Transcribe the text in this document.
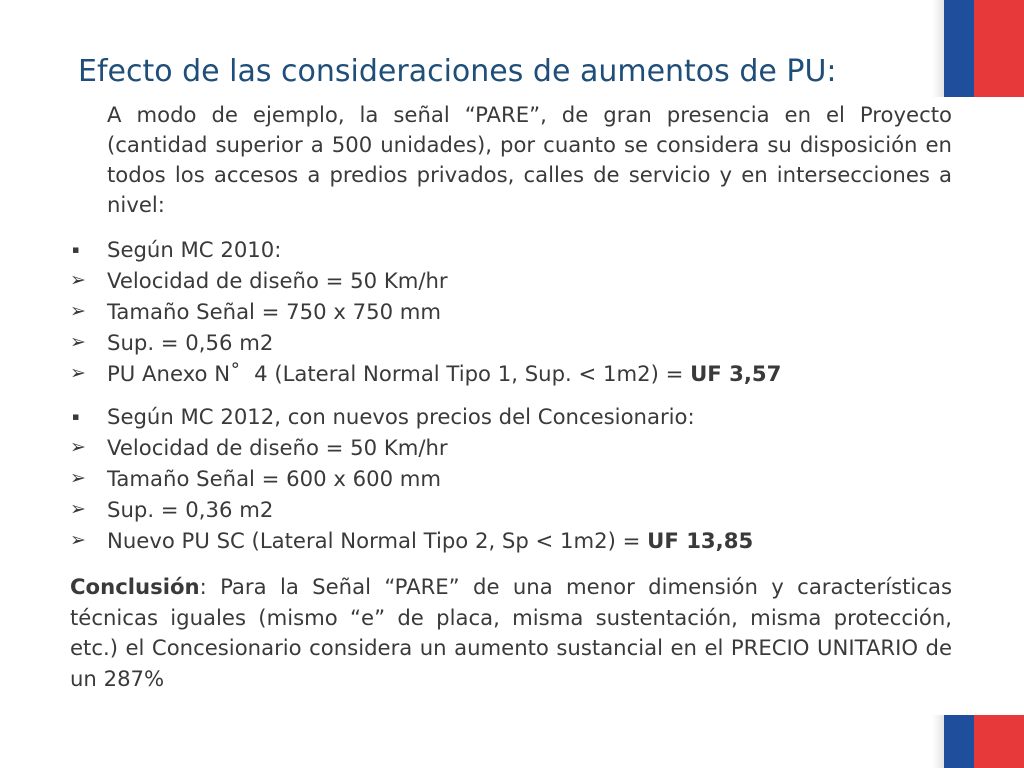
Efecto de las consideraciones de aumentos de PU:

A modo de ejemplo, la señal “PARE”, de gran presencia en el Proyecto (cantidad superior a 500 unidades), por cuanto se considera su disposición en todos los accesos a predios privados, calles de servicio y en intersecciones a nivel:

▪	Según MC 2010:
➢ Velocidad de diseño = 50 Km/hr
➢ Tamaño Señal = 750 x 750 mm
➢ Sup. = 0,56 m2
➢ PU Anexo N˚  4 (Lateral Normal Tipo 1, Sup. < 1m2) = UF 3,57
▪	Según MC 2012, con nuevos precios del Concesionario:
➢ Velocidad de diseño = 50 Km/hr
➢ Tamaño Señal = 600 x 600 mm
➢ Sup. = 0,36 m2
➢ Nuevo PU SC (Lateral Normal Tipo 2, Sp < 1m2) = UF 13,85

Conclusión: Para la Señal “PARE” de una menor dimensión y características técnicas iguales (mismo “e” de placa, misma sustentación, misma protección, etc.) el Concesionario considera un aumento sustancial en el PRECIO UNITARIO de un 287%
